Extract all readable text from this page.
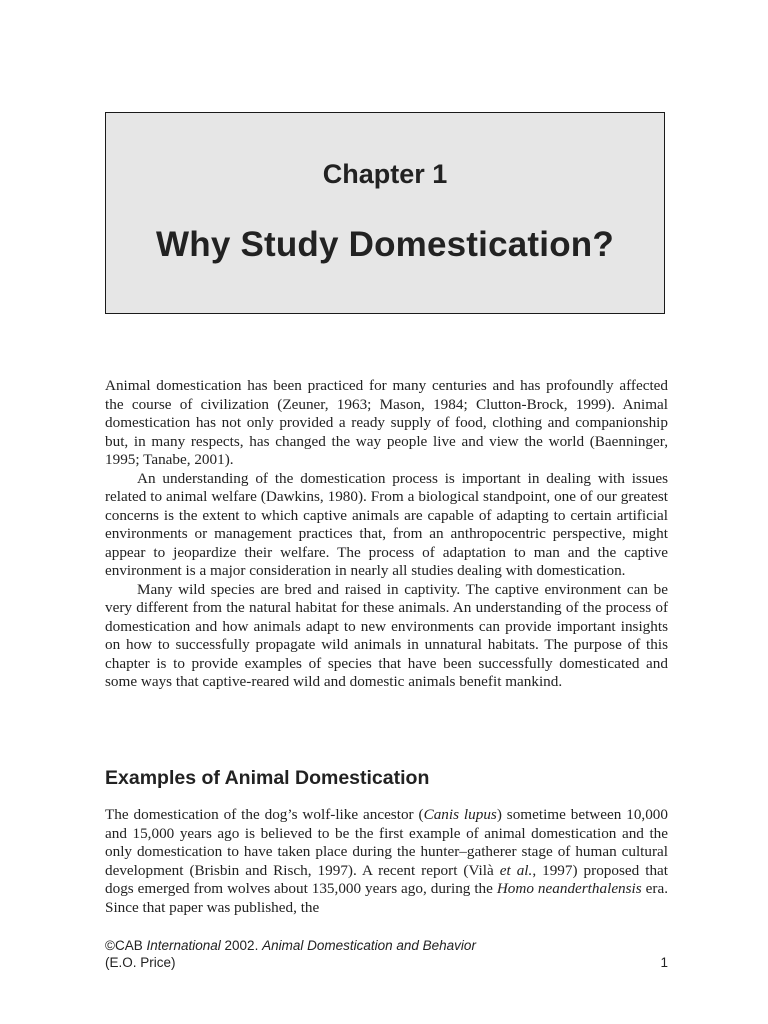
Chapter 1
Why Study Domestication?

Animal domestication has been practiced for many centuries and has profoundly affected the course of civilization (Zeuner, 1963; Mason, 1984; Clutton-Brock, 1999). Animal domestication has not only provided a ready supply of food, clothing and companionship but, in many respects, has changed the way people live and view the world (Baenninger, 1995; Tanabe, 2001).

An understanding of the domestication process is important in dealing with issues related to animal welfare (Dawkins, 1980). From a biological standpoint, one of our greatest concerns is the extent to which captive animals are capable of adapting to certain artificial environments or management practices that, from an anthropocentric perspective, might appear to jeopardize their welfare. The process of adaptation to man and the captive environment is a major consideration in nearly all studies dealing with domestication.

Many wild species are bred and raised in captivity. The captive environment can be very different from the natural habitat for these animals. An understanding of the process of domestication and how animals adapt to new environments can provide important insights on how to successfully propagate wild animals in unnatural habitats. The purpose of this chapter is to provide examples of species that have been successfully domesticated and some ways that captive-reared wild and domestic animals benefit mankind.

Examples of Animal Domestication

The domestication of the dog’s wolf-like ancestor (Canis lupus) sometime between 10,000 and 15,000 years ago is believed to be the first example of animal domestication and the only domestication to have taken place during the hunter–gatherer stage of human cultural development (Brisbin and Risch, 1997). A recent report (Vilà et al., 1997) proposed that dogs emerged from wolves about 135,000 years ago, during the Homo neanderthalensis era. Since that paper was published, the

©CAB International 2002. Animal Domestication and Behavior
(E.O. Price)	1
